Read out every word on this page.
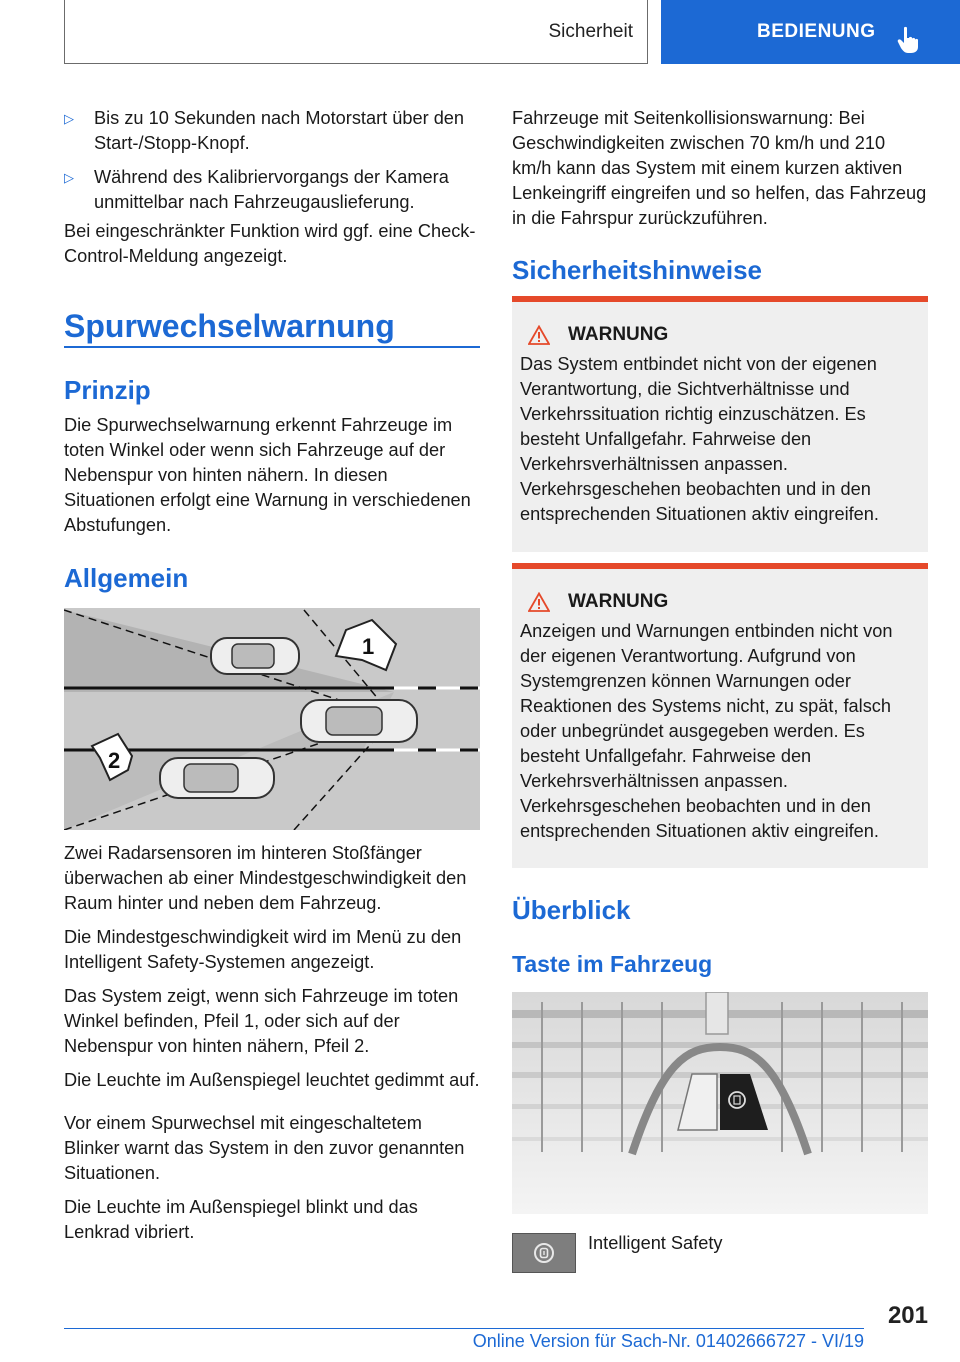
Sicherheit	BEDIENUNG
▷	Bis zu 10 Sekunden nach Motorstart über den Start-/Stopp-Knopf.

▷	Während des Kalibriervorgangs der Kamera unmittelbar nach Fahrzeugauslieferung.

Bei eingeschränkter Funktion wird ggf. eine Check-Control-Meldung angezeigt.

Spurwechselwarnung
Prinzip

Die Spurwechselwarnung erkennt Fahrzeuge im toten Winkel oder wenn sich Fahrzeuge auf der Nebenspur von hinten nähern. In diesen Situationen erfolgt eine Warnung in verschiedenen Abstufungen.

Allgemein
1
2

Zwei Radarsensoren im hinteren Stoßfänger überwachen ab einer Mindestgeschwindigkeit den Raum hinter und neben dem Fahrzeug.

Die Mindestgeschwindigkeit wird im Menü zu den Intelligent Safety-Systemen angezeigt.

Das System zeigt, wenn sich Fahrzeuge im toten Winkel befinden, Pfeil 1, oder sich auf der Nebenspur von hinten nähern, Pfeil 2.

Die Leuchte im Außenspiegel leuchtet gedimmt auf.

Vor einem Spurwechsel mit eingeschaltetem Blinker warnt das System in den zuvor genannten Situationen.

Die Leuchte im Außenspiegel blinkt und das Lenkrad vibriert.

Fahrzeuge mit Seitenkollisionswarnung: Bei Geschwindigkeiten zwischen 70 km/h und 210 km/h kann das System mit einem kurzen aktiven Lenkeingriff eingreifen und so helfen, das Fahrzeug in die Fahrspur zurückzuführen.

Sicherheitshinweise
WARNUNG

Das System entbindet nicht von der eigenen Verantwortung, die Sichtverhältnisse und Verkehrssituation richtig einzuschätzen. Es besteht Unfallgefahr. Fahrweise den Verkehrsverhältnissen anpassen. Verkehrsgeschehen beobachten und in den entsprechenden Situationen aktiv eingreifen.

WARNUNG

Anzeigen und Warnungen entbinden nicht von der eigenen Verantwortung. Aufgrund von Systemgrenzen können Warnungen oder Reaktionen des Systems nicht, zu spät, falsch oder unbegründet ausgegeben werden. Es besteht Unfallgefahr. Fahrweise den Verkehrsverhältnissen anpassen. Verkehrsgeschehen beobachten und in den entsprechenden Situationen aktiv eingreifen.

Überblick
Taste im Fahrzeug
Intelligent Safety
201
Online Version für Sach-Nr. 01402666727 - VI/19
